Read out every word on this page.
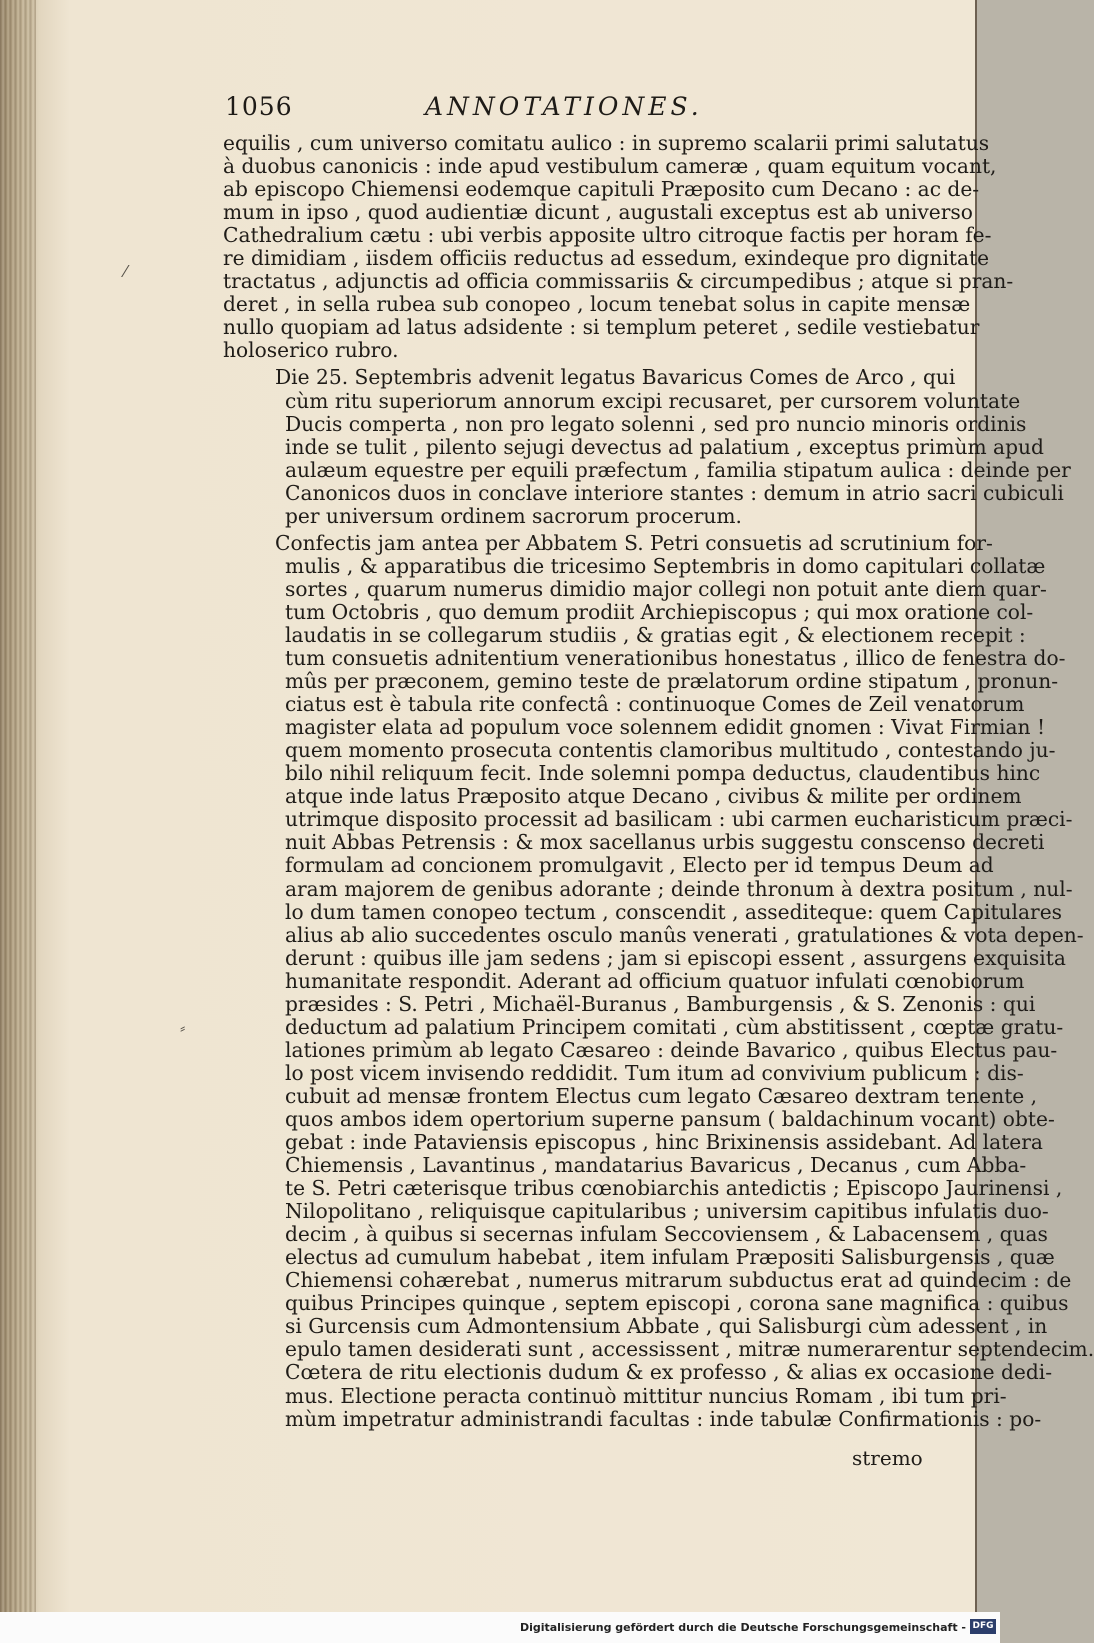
1056	ANNOTATIONES.
equilis , cum universo comitatu aulico : in supremo scalarii primi salutatus
à duobus canonicis : inde apud vestibulum cameræ , quam equitum vocant,
ab episcopo Chiemensi eodemque capituli Præposito cum Decano : ac de-
mum in ipso , quod audientiæ dicunt , augustali exceptus est ab universo
Cathedralium cætu : ubi verbis apposite ultro citroque factis per horam fe-
re dimidiam , iisdem officiis reductus ad essedum, exindeque pro dignitate
tractatus , adjunctis ad officia commissariis & circumpedibus ; atque si pran-
deret , in sella rubea sub conopeo , locum tenebat solus in capite mensæ
nullo quopiam ad latus adsidente : si templum peteret , sedile vestiebatur
holoserico rubro.
Die 25. Septembris advenit legatus Bavaricus Comes de Arco , qui
cùm ritu superiorum annorum excipi recusaret, per cursorem voluntate
Ducis comperta , non pro legato solenni , sed pro nuncio minoris ordinis
inde se tulit , pilento sejugi devectus ad palatium , exceptus primùm apud
aulæum equestre per equili præfectum , familia stipatum aulica : deinde per
Canonicos duos in conclave interiore stantes : demum in atrio sacri cubiculi
per universum ordinem sacrorum procerum.
Confectis jam antea per Abbatem S. Petri consuetis ad scrutinium for-
mulis , & apparatibus die tricesimo Septembris in domo capitulari collatæ
sortes , quarum numerus dimidio major collegi non potuit ante diem quar-
tum Octobris , quo demum prodiit Archiepiscopus ; qui mox oratione col-
laudatis in se collegarum studiis , & gratias egit , & electionem recepit :
tum consuetis adnitentium venerationibus honestatus , illico de fenestra do-
mûs per præconem, gemino teste de prælatorum ordine stipatum , pronun-
ciatus est è tabula rite confectâ : continuoque Comes de Zeil venatorum
magister elata ad populum voce solennem edidit gnomen : Vivat Firmian !
quem momento prosecuta contentis clamoribus multitudo , contestando ju-
bilo nihil reliquum fecit. Inde solemni pompa deductus, claudentibus hinc
atque inde latus Præposito atque Decano , civibus & milite per ordinem
utrimque disposito processit ad basilicam : ubi carmen eucharisticum præci-
nuit Abbas Petrensis : & mox sacellanus urbis suggestu conscenso decreti
formulam ad concionem promulgavit , Electo per id tempus Deum ad
aram majorem de genibus adorante ; deinde thronum à dextra positum , nul-
lo dum tamen conopeo tectum , conscendit , assediteque: quem Capitulares
alius ab alio succedentes osculo manûs venerati , gratulationes & vota depen-
derunt : quibus ille jam sedens ; jam si episcopi essent , assurgens exquisita
humanitate respondit. Aderant ad officium quatuor infulati cœnobiorum
præsides : S. Petri , Michaël-Buranus , Bamburgensis , & S. Zenonis : qui
deductum ad palatium Principem comitati , cùm abstitissent , cœptæ gratu-
lationes primùm ab legato Cæsareo : deinde Bavarico , quibus Electus pau-
lo post vicem invisendo reddidit. Tum itum ad convivium publicum : dis-
cubuit ad mensæ frontem Electus cum legato Cæsareo dextram tenente ,
quos ambos idem opertorium superne pansum ( baldachinum vocant) obte-
gebat : inde Pataviensis episcopus , hinc Brixinensis assidebant. Ad latera
Chiemensis , Lavantinus , mandatarius Bavaricus , Decanus , cum Abba-
te S. Petri cæterisque tribus cœnobiarchis antedictis ; Episcopo Jaurinensi ,
Nilopolitano , reliquisque capitularibus ; universim capitibus infulatis duo-
decim , à quibus si secernas infulam Seccoviensem , & Labacensem , quas
electus ad cumulum habebat , item infulam Præpositi Salisburgensis , quæ
Chiemensi cohærebat , numerus mitrarum subductus erat ad quindecim : de
quibus Principes quinque , septem episcopi , corona sane magnifica : quibus
si Gurcensis cum Admontensium Abbate , qui Salisburgi cùm adessent , in
epulo tamen desiderati sunt , accessissent , mitræ numerarentur septendecim.
Cœtera de ritu electionis dudum & ex professo , & alias ex occasione dedi-
mus. Electione peracta continuò mittitur nuncius Romam , ibi tum pri-
mùm impetratur administrandi facultas : inde tabulæ Confirmationis : po-
⁄
⸗
stremo
Digitalisierung gefördert durch die Deutsche Forschungsgemeinschaft - DFG
